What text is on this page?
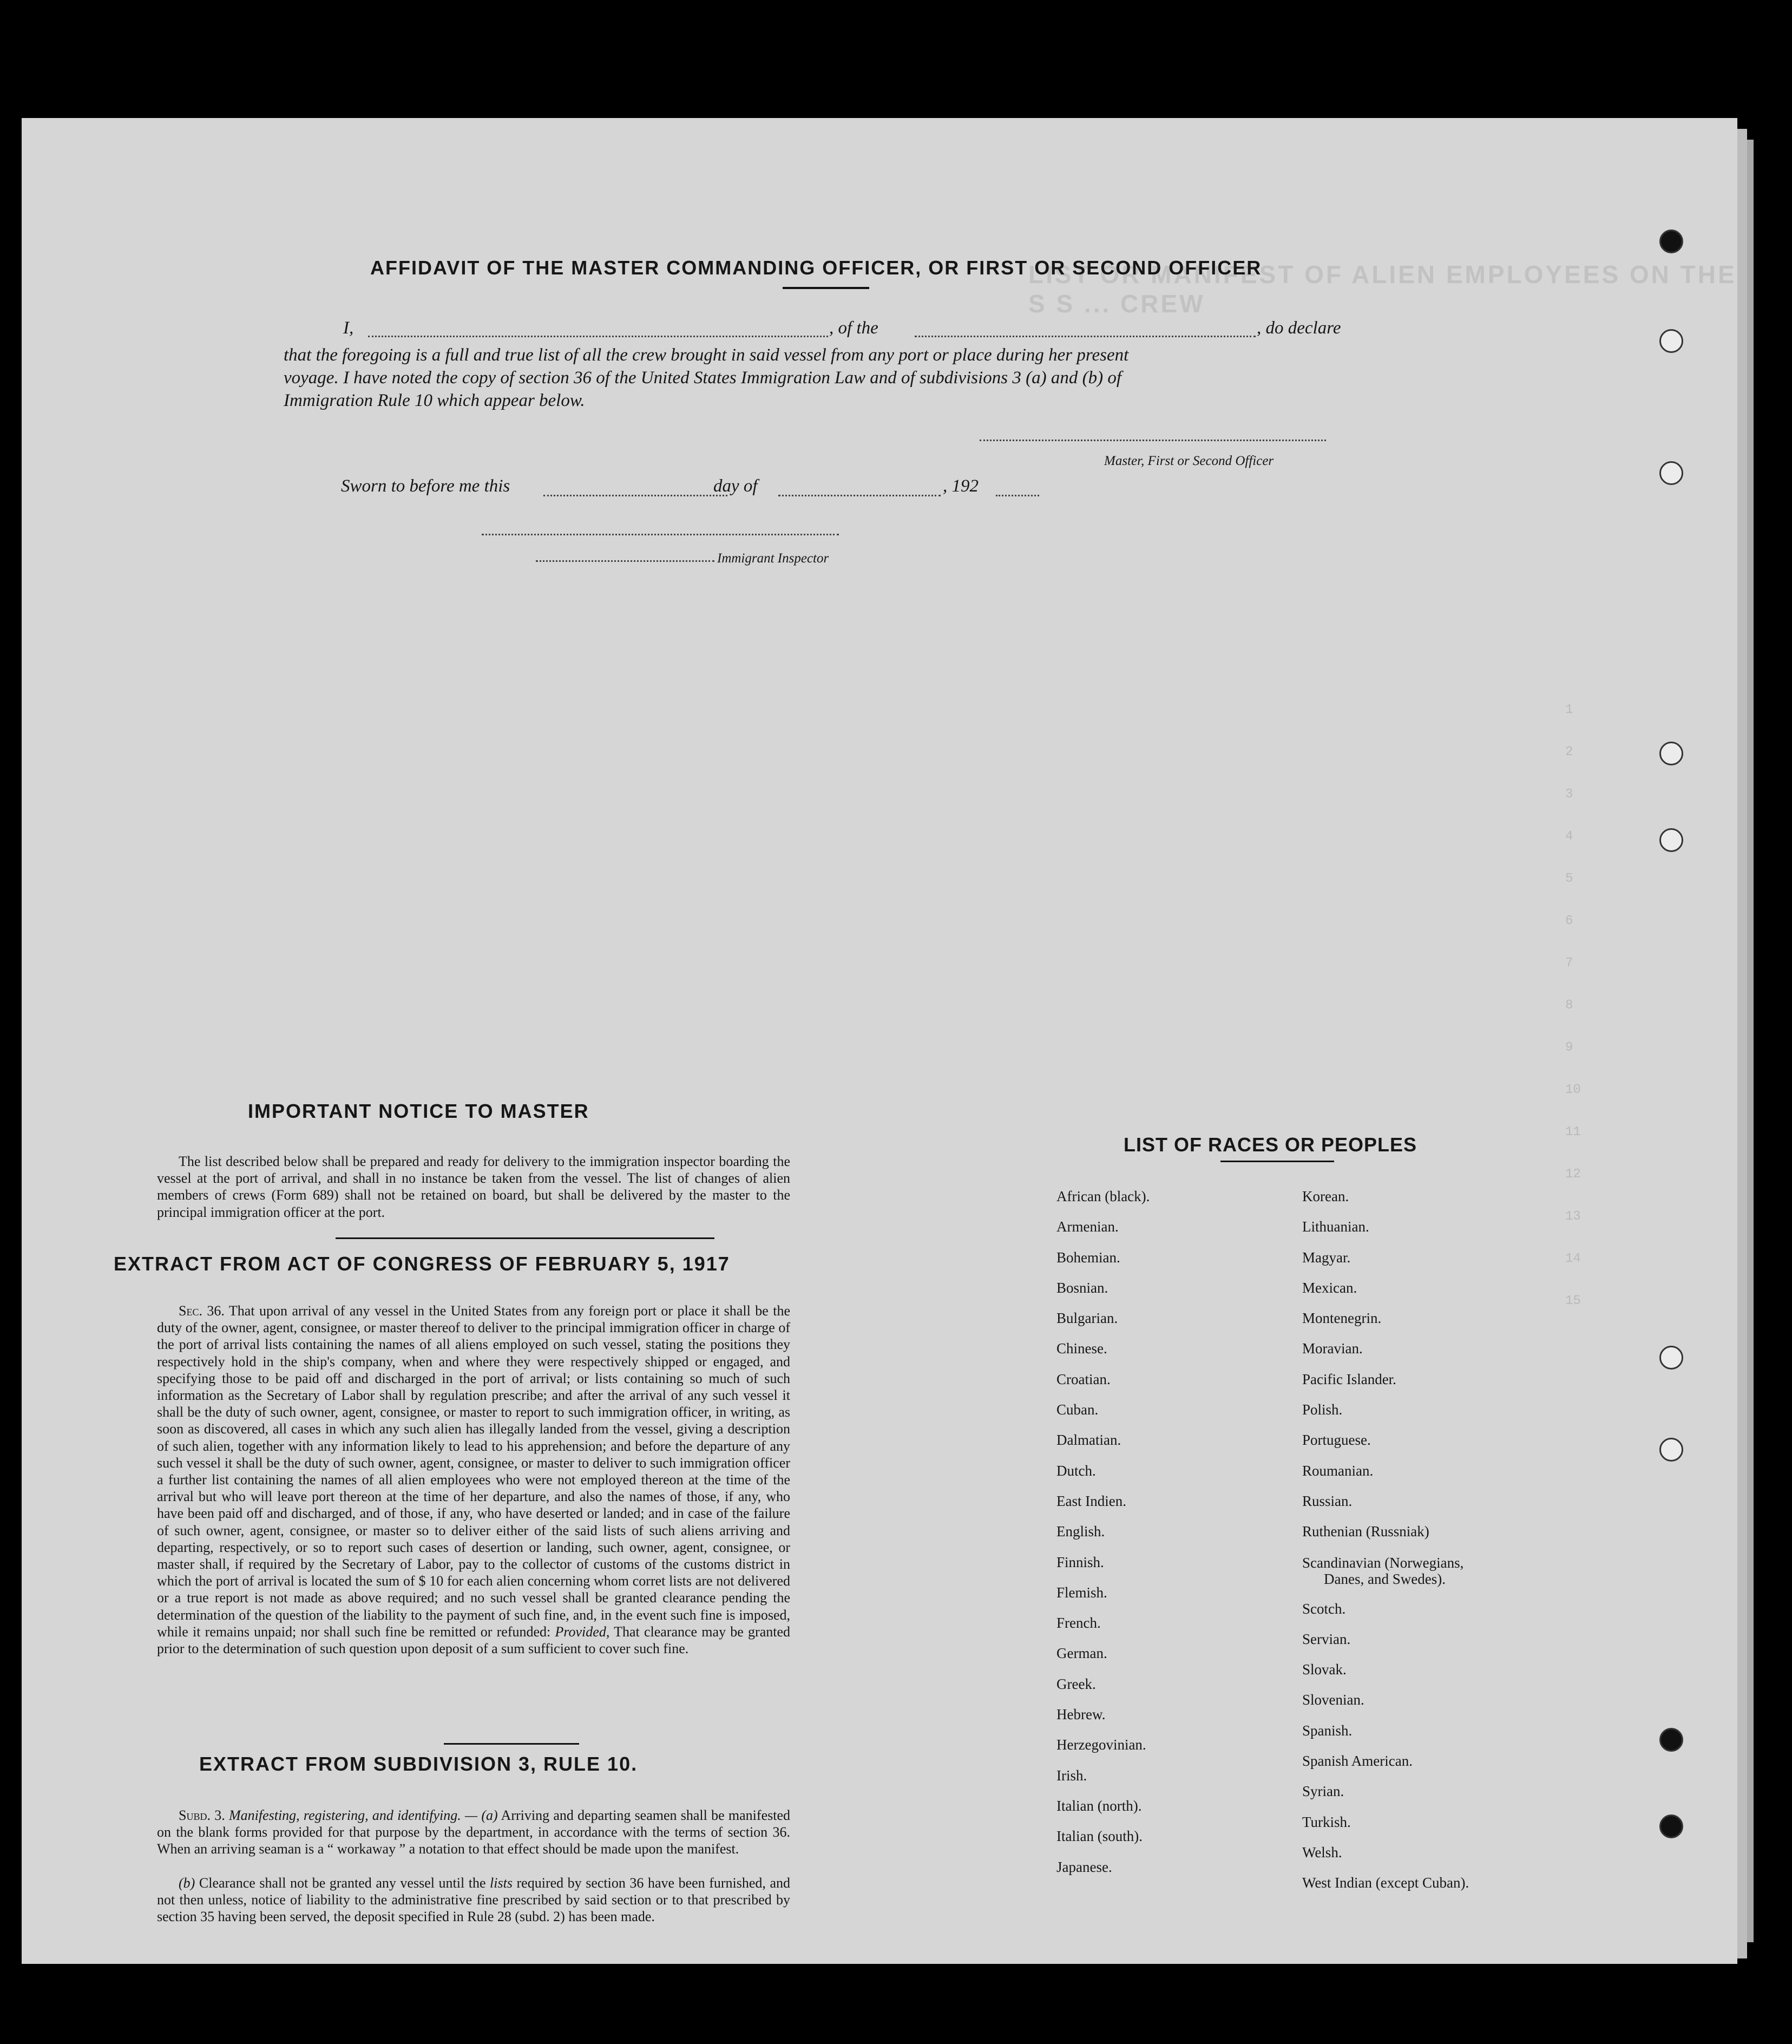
LIST OR MANIFEST OF ALIEN EMPLOYEES ON THE S S ... CREW
1
2
3
4
5
6
7
8
9
10
11
12
13
14
15
AFFIDAVIT OF THE MASTER COMMANDING OFFICER, OR FIRST OR SECOND OFFICER
I,	, of the	, do declare
that the foregoing is a full and true list of all the crew brought in said vessel from any port or place during her present
voyage. I have noted the copy of section 36 of the United States Immigration Law and of subdivisions 3 (a) and (b) of
Immigration Rule 10 which appear below.
Master, First or Second Officer
Sworn to before me this	day of	, 192
Immigrant Inspector
IMPORTANT NOTICE TO MASTER
The list described below shall be prepared and ready for delivery to the immigration inspector boarding the vessel at the port of arrival, and shall in no instance be taken from the vessel. The list of changes of alien members of crews (Form 689) shall not be retained on board, but shall be delivered by the master to the principal immigration officer at the port.
EXTRACT FROM ACT OF CONGRESS OF FEBRUARY 5, 1917
Sec. 36. That upon arrival of any vessel in the United States from any foreign port or place it shall be the duty of the owner, agent, consignee, or master thereof to deliver to the principal immigration officer in charge of the port of arrival lists containing the names of all aliens employed on such vessel, stating the positions they respectively hold in the ship's company, when and where they were respectively shipped or engaged, and specifying those to be paid off and discharged in the port of arrival; or lists containing so much of such information as the Secretary of Labor shall by regulation prescribe; and after the arrival of any such vessel it shall be the duty of such owner, agent, consignee, or master to report to such immigration officer, in writing, as soon as discovered, all cases in which any such alien has illegally landed from the vessel, giving a description of such alien, together with any information likely to lead to his apprehension; and before the departure of any such vessel it shall be the duty of such owner, agent, consignee, or master to deliver to such immigration officer a further list containing the names of all alien employees who were not employed thereon at the time of the arrival but who will leave port thereon at the time of her departure, and also the names of those, if any, who have been paid off and discharged, and of those, if any, who have deserted or landed; and in case of the failure of such owner, agent, consignee, or master so to deliver either of the said lists of such aliens arriving and departing, respectively, or so to report such cases of desertion or landing, such owner, agent, consignee, or master shall, if required by the Secretary of Labor, pay to the collector of customs of the customs district in which the port of arrival is located the sum of $ 10 for each alien concerning whom corret lists are not delivered or a true report is not made as above required; and no such vessel shall be granted clearance pending the determination of the question of the liability to the payment of such fine, and, in the event such fine is imposed, while it remains unpaid; nor shall such fine be remitted or refunded: Provided, That clearance may be granted prior to the determination of such question upon deposit of a sum sufficient to cover such fine.
EXTRACT FROM SUBDIVISION 3, RULE 10.
Subd. 3. Manifesting, registering, and identifying. — (a) Arriving and departing seamen shall be manifested on the blank forms provided for that purpose by the department, in accordance with the terms of section 36. When an arriving seaman is a “ workaway ” a notation to that effect should be made upon the manifest.
(b) Clearance shall not be granted any vessel until the lists required by section 36 have been furnished, and not then unless, notice of liability to the administrative fine prescribed by said section or to that prescribed by section 35 having been served, the deposit specified in Rule 28 (subd. 2) has been made.
LIST OF RACES OR PEOPLES
African (black).
Armenian.
Bohemian.
Bosnian.
Bulgarian.
Chinese.
Croatian.
Cuban.
Dalmatian.
Dutch.
East Indien.
English.
Finnish.
Flemish.
French.
German.
Greek.
Hebrew.
Herzegovinian.
Irish.
Italian (north).
Italian (south).
Japanese.
Korean.
Lithuanian.
Magyar.
Mexican.
Montenegrin.
Moravian.
Pacific Islander.
Polish.
Portuguese.
Roumanian.
Russian.
Ruthenian (Russniak)
Scandinavian (Norwegians,
Danes, and Swedes).
Scotch.
Servian.
Slovak.
Slovenian.
Spanish.
Spanish American.
Syrian.
Turkish.
Welsh.
West Indian (except Cuban).
